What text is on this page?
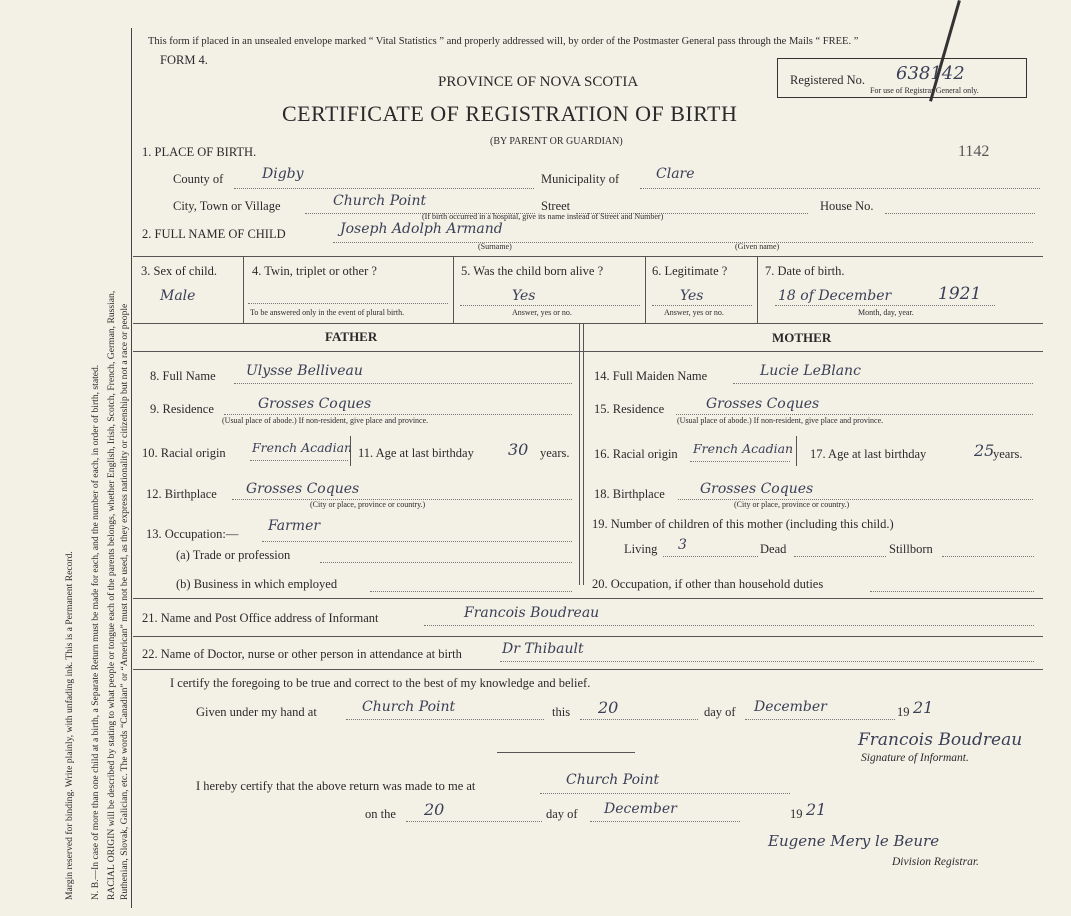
Margin reserved for binding. Write plainly, with unfading ink. This is a Permanent Record.	N. B.—In case of more than one child at a birth, a Separate Return must be made for each, and the number of each, in order of birth, stated. RACIAL ORIGIN will be described by stating to what people or tongue each of the parents belongs, whether English, Irish, Scotch, French, German, Russian, Ruthenian, Slovak, Galician, etc. The words “Canadian” or “American” must not be used, as they express nationality or citizenship but not a race or people
This form if placed in an unsealed envelope marked “ Vital Statistics ” and properly addressed will, by order of the Postmaster General pass through the Mails “ FREE. ”
FORM 4.
PROVINCE OF NOVA SCOTIA
CERTIFICATE OF REGISTRATION OF BIRTH
(BY PARENT OR GUARDIAN)
Registered No. 638142
For use of Registrar General only.
1142
1. PLACE OF BIRTH.
County of	Digby	Municipality of	Clare
City, Town or Village	Church Point	Street	House No.
(If birth occurred in a hospital, give its name instead of Street and Number)
2. FULL NAME OF CHILD	Joseph Adolph Armand
(Surname)	(Given name)
3. Sex of child.
Male
4. Twin, triplet or other ?
To be answered only in the event of plural birth.
5. Was the child born alive ?
Yes
Answer, yes or no.
6. Legitimate ?
Yes
Answer, yes or no.
7. Date of birth.
18 of December	1921
Month, day, year.
FATHER	MOTHER
8. Full Name Ulysse Belliveau
9. Residence	Grosses Coques
(Usual place of abode.) If non-resident, give place and province.
10. Racial origin French Acadian 11. Age at last birthday 30 years.
12. Birthplace Grosses Coques
(City or place, province or country.)
13. Occupation:— Farmer
(a) Trade or profession
(b) Business in which employed
14. Full Maiden Name	Lucie LeBlanc
15. Residence	Grosses Coques
(Usual place of abode.) If non-resident, give place and province.
16. Racial origin French Acadian 17. Age at last birthday	25
years.
18. Birthplace	Grosses Coques
(City or place, province or country.)
19. Number of children of this mother (including this child.)
Living 3	Dead	Stillborn
20. Occupation, if other than household duties
21. Name and Post Office address of Informant	Francois Boudreau
22. Name of Doctor, nurse or other person in attendance at birth	Dr Thibault
I certify the foregoing to be true and correct to the best of my knowledge and belief.
Given under my hand at	Church Point	this 20	day of December	19 21
Francois Boudreau
Signature of Informant.
I hereby certify that the above return was made to me at	Church Point
on the 20	day of December	19 21
Eugene Mery le Beure
Division Registrar.
